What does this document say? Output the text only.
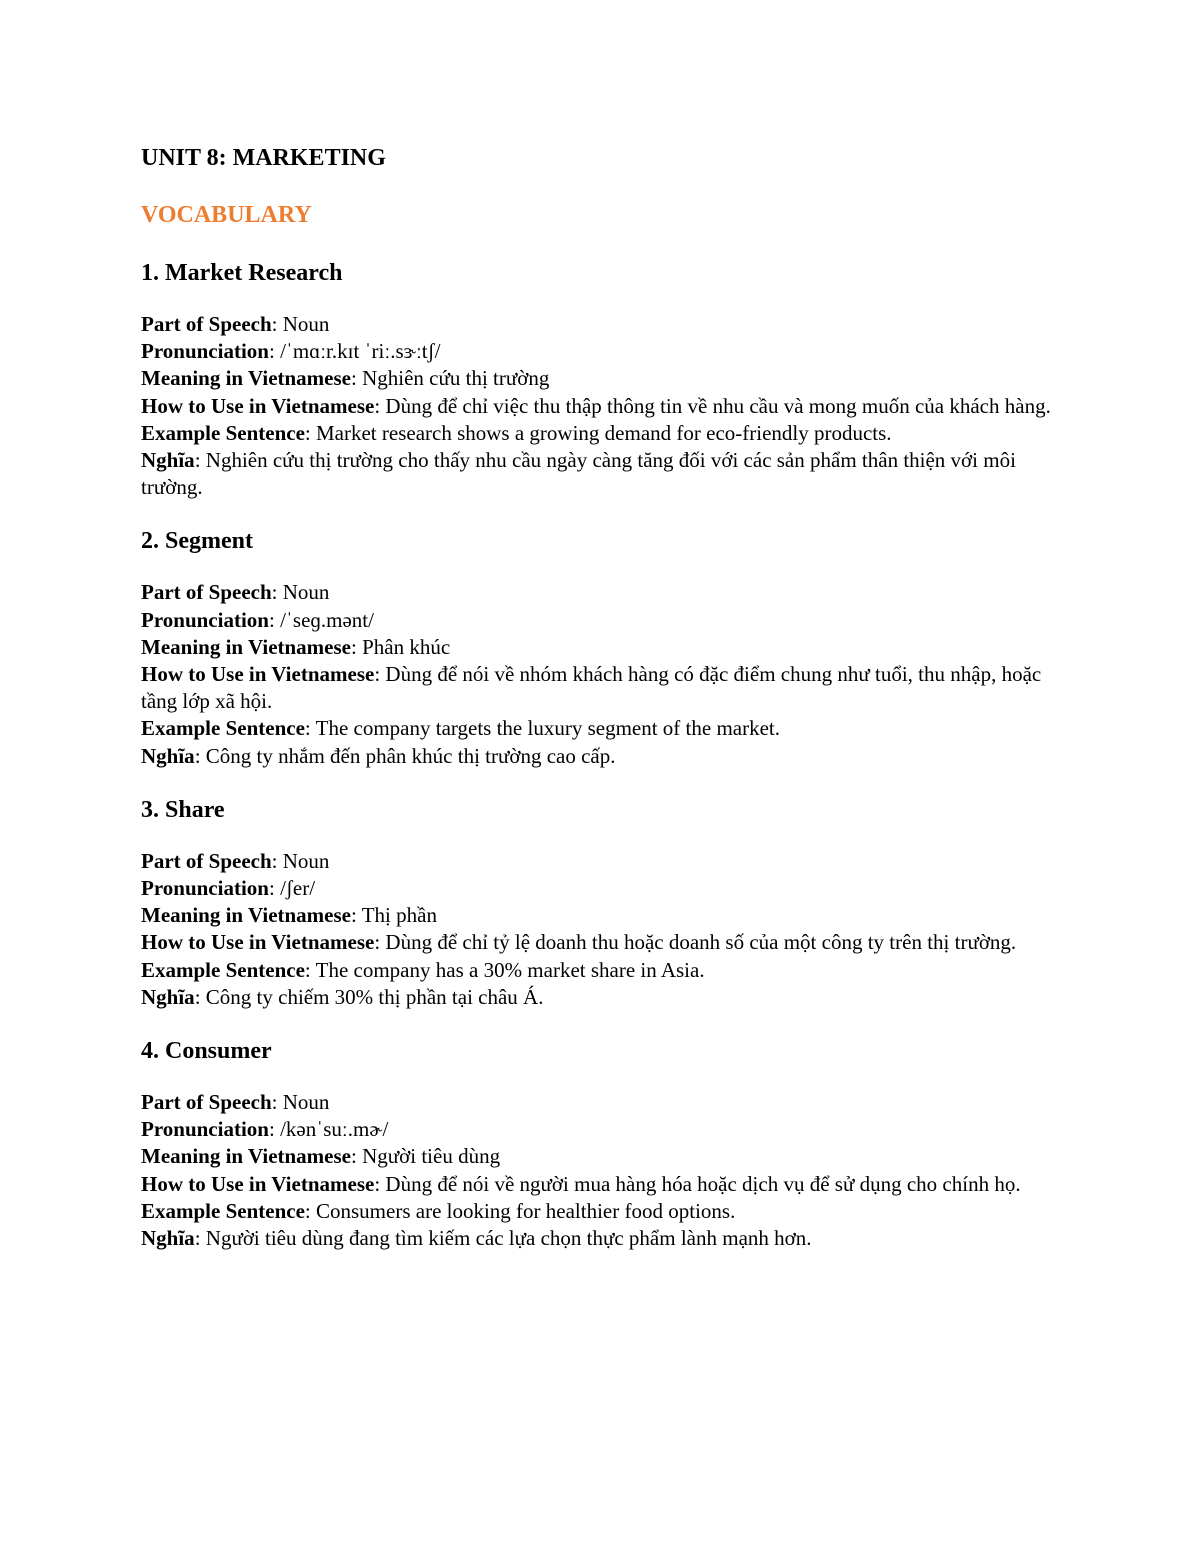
UNIT 8: MARKETING
VOCABULARY
1. Market Research

Part of Speech: Noun

Pronunciation: /ˈmɑːr.kɪt ˈriː.sɝːtʃ/

Meaning in Vietnamese: Nghiên cứu thị trường

How to Use in Vietnamese: Dùng để chỉ việc thu thập thông tin về nhu cầu và mong muốn của khách hàng.

Example Sentence: Market research shows a growing demand for eco-friendly products.

Nghĩa: Nghiên cứu thị trường cho thấy nhu cầu ngày càng tăng đối với các sản phẩm thân thiện với môi trường.

2. Segment

Part of Speech: Noun

Pronunciation: /ˈseɡ.mənt/

Meaning in Vietnamese: Phân khúc

How to Use in Vietnamese: Dùng để nói về nhóm khách hàng có đặc điểm chung như tuổi, thu nhập, hoặc tầng lớp xã hội.

Example Sentence: The company targets the luxury segment of the market.

Nghĩa: Công ty nhắm đến phân khúc thị trường cao cấp.

3. Share

Part of Speech: Noun

Pronunciation: /ʃer/

Meaning in Vietnamese: Thị phần

How to Use in Vietnamese: Dùng để chỉ tỷ lệ doanh thu hoặc doanh số của một công ty trên thị trường.

Example Sentence: The company has a 30% market share in Asia.

Nghĩa: Công ty chiếm 30% thị phần tại châu Á.

4. Consumer

Part of Speech: Noun

Pronunciation: /kənˈsuː.mɚ/

Meaning in Vietnamese: Người tiêu dùng

How to Use in Vietnamese: Dùng để nói về người mua hàng hóa hoặc dịch vụ để sử dụng cho chính họ.

Example Sentence: Consumers are looking for healthier food options.

Nghĩa: Người tiêu dùng đang tìm kiếm các lựa chọn thực phẩm lành mạnh hơn.
